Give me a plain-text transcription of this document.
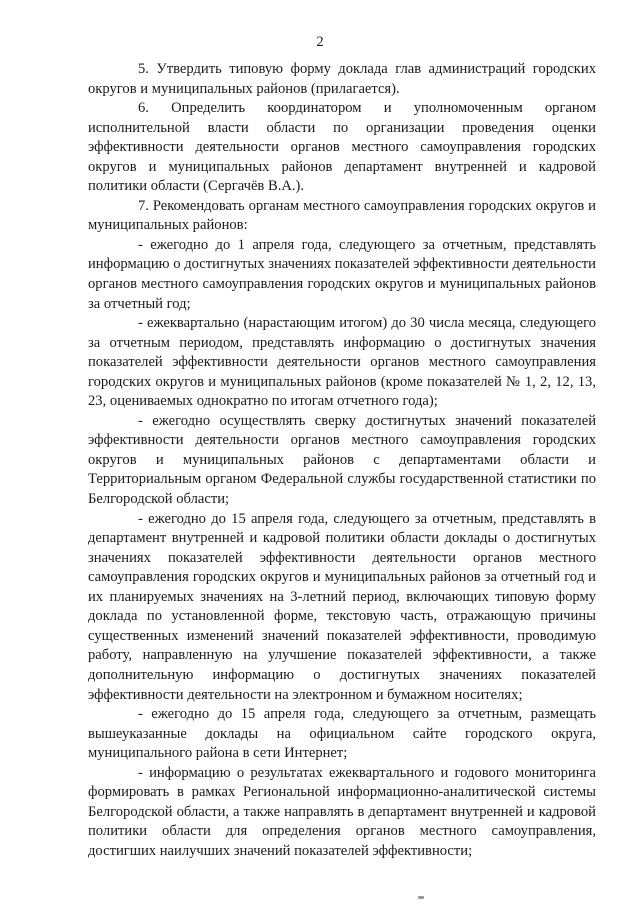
2

5. Утвердить типовую форму доклада глав администраций городских округов и муниципальных районов (прилагается).

6. Определить координатором и уполномоченным органом исполнительной власти области по организации проведения оценки эффективности деятельности органов местного самоуправления городских округов и муниципальных районов департамент внутренней и кадровой политики области (Сергачёв В.А.).

7. Рекомендовать органам местного самоуправления городских округов и муниципальных районов:

- ежегодно до 1 апреля года, следующего за отчетным, представлять информацию о достигнутых значениях показателей эффективности деятельности органов местного самоуправления городских округов и муниципальных районов за отчетный год;

- ежеквартально (нарастающим итогом) до 30 числа месяца, следующего за отчетным периодом, представлять информацию о достигнутых значения показателей эффективности деятельности органов местного самоуправления городских округов и муниципальных районов (кроме показателей № 1, 2, 12, 13, 23, оцениваемых однократно по итогам отчетного года);

- ежегодно осуществлять сверку достигнутых значений показателей эффективности деятельности органов местного самоуправления городских округов и муниципальных районов с департаментами области и Территориальным органом Федеральной службы государственной статистики по Белгородской области;

- ежегодно до 15 апреля года, следующего за отчетным, представлять в департамент внутренней и кадровой политики области доклады о достигнутых значениях показателей эффективности деятельности органов местного самоуправления городских округов и муниципальных районов за отчетный год и их планируемых значениях на 3-летний период, включающих типовую форму доклада по установленной форме, текстовую часть, отражающую причины существенных изменений значений показателей эффективности, проводимую работу, направленную на улучшение показателей эффективности, а также дополнительную информацию о достигнутых значениях показателей эффективности деятельности на электронном и бумажном носителях;

- ежегодно до 15 апреля года, следующего за отчетным, размещать вышеуказанные доклады на официальном сайте городского округа, муниципального района в сети Интернет;

- информацию о результатах ежеквартального и годового мониторинга формировать в рамках Региональной информационно-аналитической системы Белгородской области, а также направлять в департамент внутренней и кадровой политики области для определения органов местного самоуправления, достигших наилучших значений показателей эффективности;
